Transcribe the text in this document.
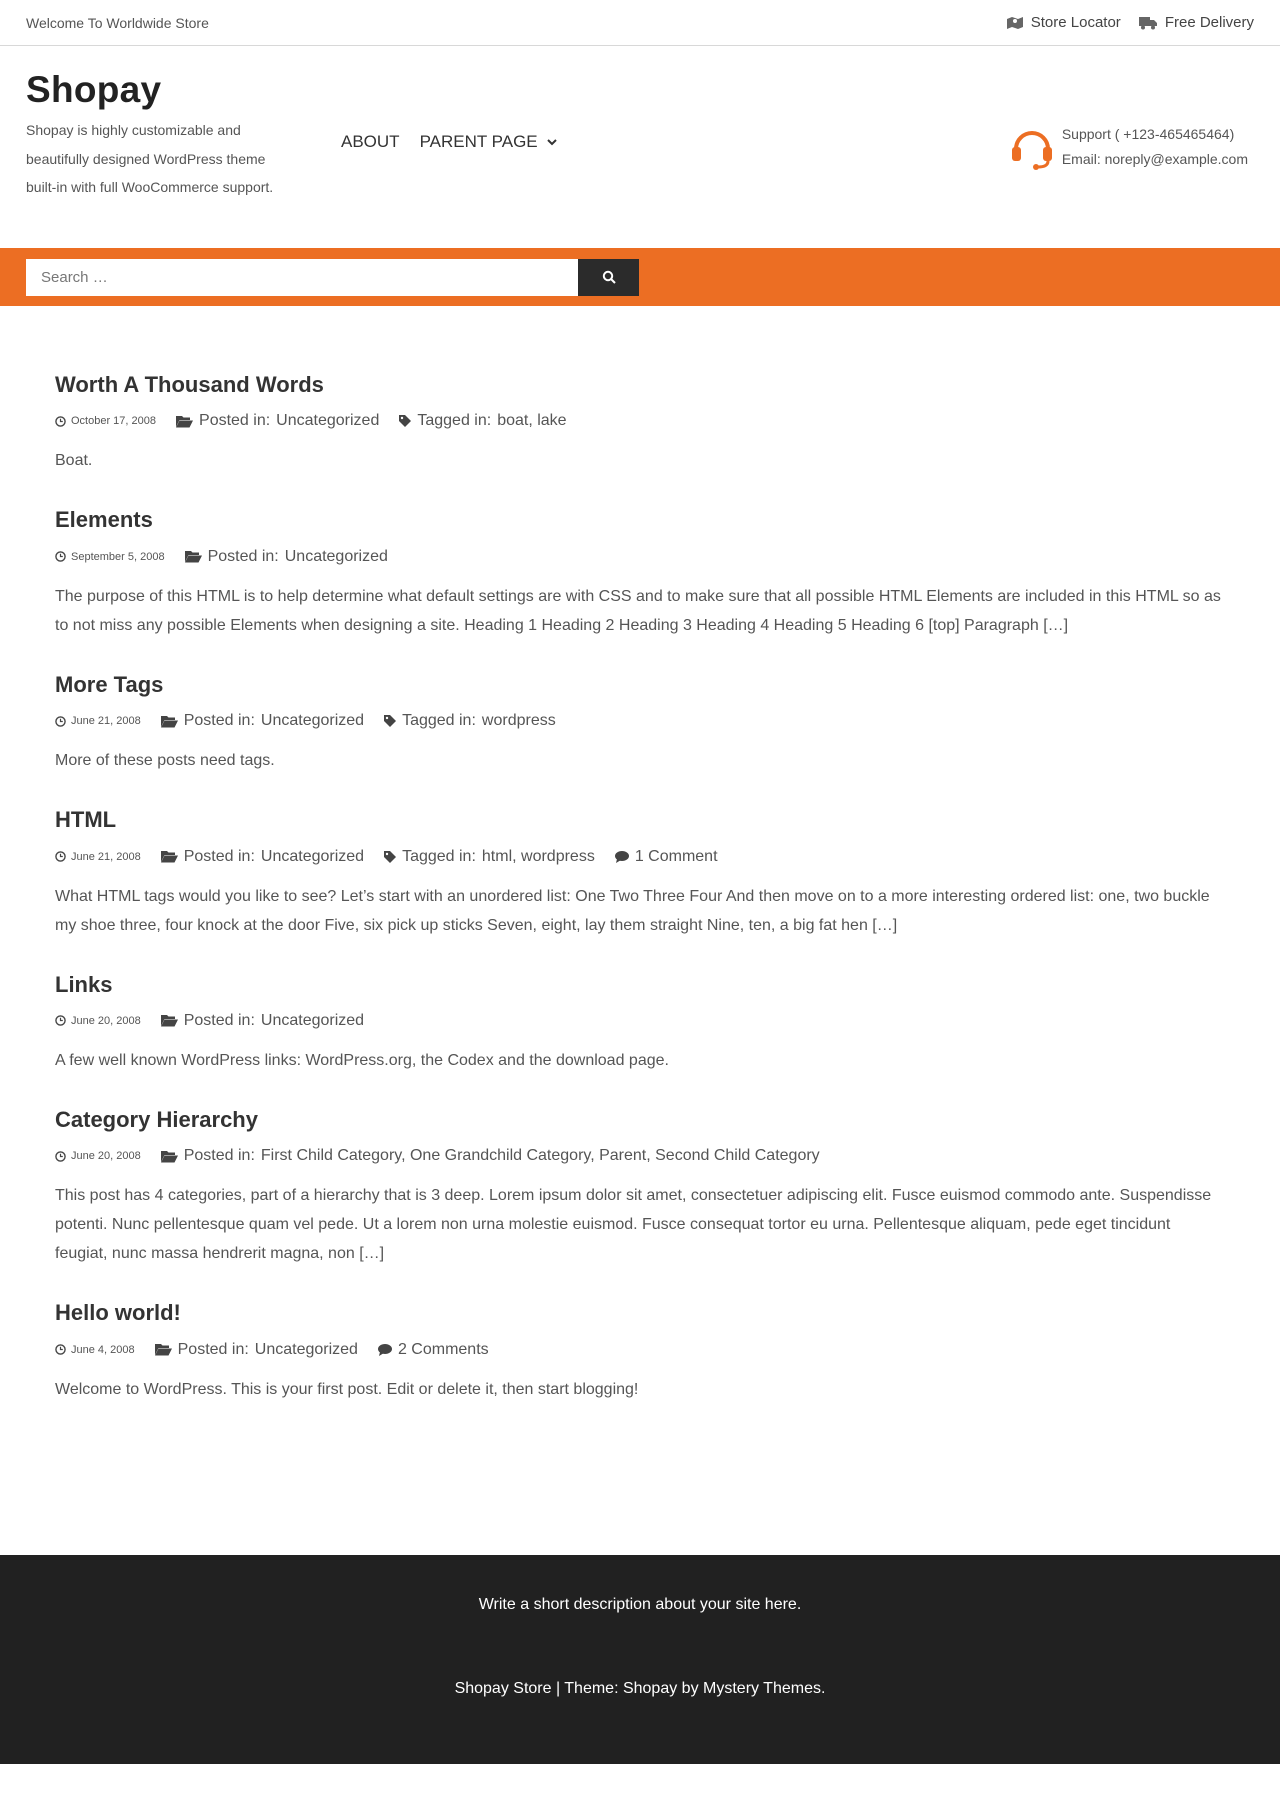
Welcome To Worldwide Store	Store Locator	Free Delivery
Shopay
Shopay is highly customizable and beautifully designed WordPress theme built-in with full WooCommerce support.
ABOUT PARENT PAGE	Support ( +123-465465464)
Email: noreply@example.com
Search …
Worth A Thousand Words
October 17, 2008	Posted in: Uncategorized Tagged in: boat, lake

Boat.

Elements
September 5, 2008	Posted in: Uncategorized

The purpose of this HTML is to help determine what default settings are with CSS and to make sure that all possible HTML Elements are included in this HTML so as to not miss any possible Elements when designing a site. Heading 1 Heading 2 Heading 3 Heading 4 Heading 5 Heading 6 [top] Paragraph […]

More Tags
June 21, 2008	Posted in: Uncategorized Tagged in: wordpress

More of these posts need tags.

HTML
June 21, 2008	Posted in: Uncategorized Tagged in: html, wordpress	1 Comment

What HTML tags would you like to see? Let’s start with an unordered list: One Two Three Four And then move on to a more interesting ordered list: one, two buckle my shoe three, four knock at the door Five, six pick up sticks Seven, eight, lay them straight Nine, ten, a big fat hen […]

Links
June 20, 2008	Posted in: Uncategorized

A few well known WordPress links: WordPress.org, the Codex and the download page.

Category Hierarchy
June 20, 2008	Posted in: First Child Category, One Grandchild Category, Parent, Second Child Category

This post has 4 categories, part of a hierarchy that is 3 deep. Lorem ipsum dolor sit amet, consectetuer adipiscing elit. Fusce euismod commodo ante. Suspendisse potenti. Nunc pellentesque quam vel pede. Ut a lorem non urna molestie euismod. Fusce consequat tortor eu urna. Pellentesque aliquam, pede eget tincidunt feugiat, nunc massa hendrerit magna, non […]

Hello world!
June 4, 2008	Posted in: Uncategorized	2 Comments

Welcome to WordPress. This is your first post. Edit or delete it, then start blogging!

Write a short description about your site here.
Shopay Store | Theme: Shopay by Mystery Themes.
